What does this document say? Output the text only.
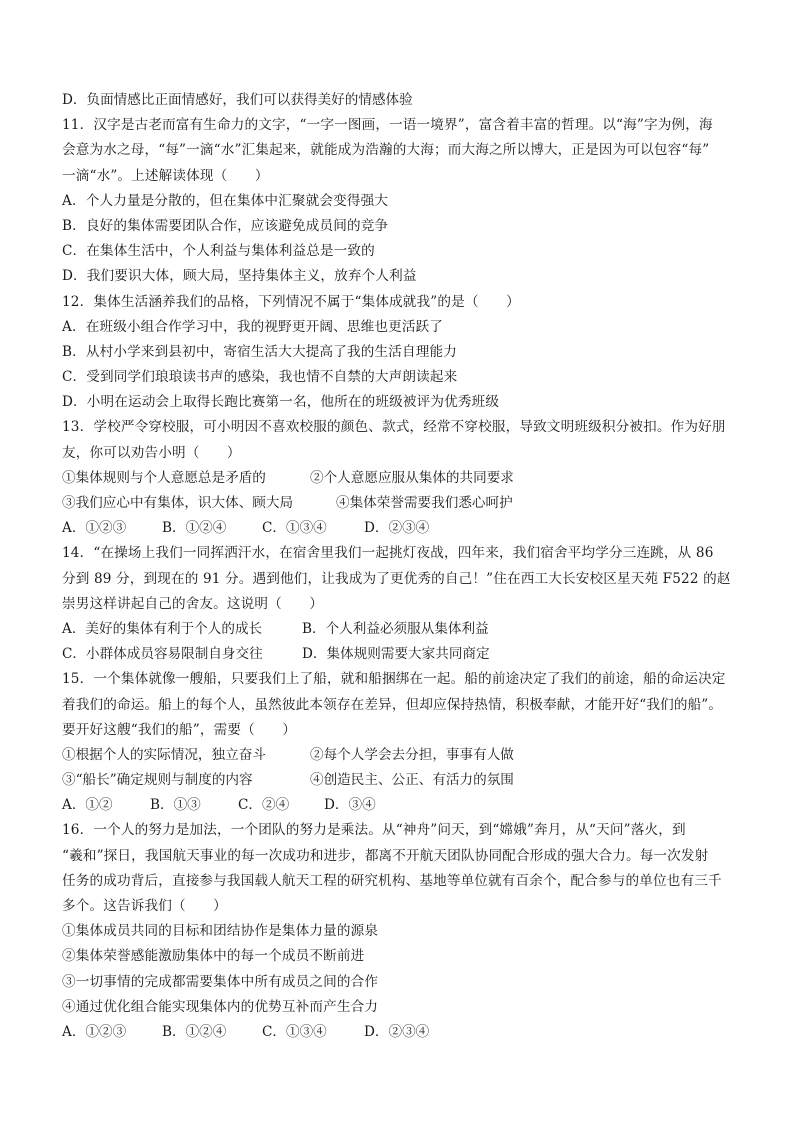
D．负面情感比正面情感好，我们可以获得美好的情感体验
11．汉字是古老而富有生命力的文字，“一字一图画，一语一境界”，富含着丰富的哲理。以“海”字为例，海
会意为水之母，“每”一滴“水”汇集起来，就能成为浩瀚的大海；而大海之所以博大，正是因为可以包容“每”
一滴“水”。上述解读体现（　　）
A．个人力量是分散的，但在集体中汇聚就会变得强大
B．良好的集体需要团队合作，应该避免成员间的竞争
C．在集体生活中，个人利益与集体利益总是一致的
D．我们要识大体，顾大局，坚持集体主义，放弃个人利益
12．集体生活涵养我们的品格，下列情况不属于“集体成就我”的是（　　）
A．在班级小组合作学习中，我的视野更开阔、思维也更活跃了
B．从村小学来到县初中，寄宿生活大大提高了我的生活自理能力
C．受到同学们琅琅读书声的感染，我也情不自禁的大声朗读起来
D．小明在运动会上取得长跑比赛第一名，他所在的班级被评为优秀班级
13．学校严令穿校服，可小明因不喜欢校服的颜色、款式，经常不穿校服，导致文明班级积分被扣。作为好朋
友，你可以劝告小明（　　）
①集体规则与个人意愿总是矛盾的	②个人意愿应服从集体的共同要求
③我们应心中有集体，识大体、顾大局	④集体荣誉需要我们悉心呵护
A．①②③	B．①②④	C．①③④	D．②③④
14．“在操场上我们一同挥洒汗水，在宿舍里我们一起挑灯夜战，四年来，我们宿舍平均学分三连跳，从 86
分到 89 分，到现在的 91 分。遇到他们，让我成为了更优秀的自己！”住在西工大长安校区星天苑 F522 的赵
崇男这样讲起自己的舍友。这说明（　　）
A．美好的集体有利于个人的成长	B．个人利益必须服从集体利益
C．小群体成员容易限制自身交往	D．集体规则需要大家共同商定
15．一个集体就像一艘船，只要我们上了船，就和船捆绑在一起。船的前途决定了我们的前途，船的命运决定
着我们的命运。船上的每个人，虽然彼此本领存在差异，但却应保持热情，积极奉献，才能开好“我们的船”。
要开好这艘“我们的船”，需要（　　）
①根据个人的实际情况，独立奋斗	②每个人学会去分担，事事有人做
③“船长”确定规则与制度的内容	④创造民主、公正、有活力的氛围
A．①②	B．①③	C．②④	D．③④
16．一个人的努力是加法，一个团队的努力是乘法。从“神舟”问天，到“嫦娥”奔月，从“天问”落火，到
“羲和”探日，我国航天事业的每一次成功和进步，都离不开航天团队协同配合形成的强大合力。每一次发射
任务的成功背后，直接参与我国载人航天工程的研究机构、基地等单位就有百余个，配合参与的单位也有三千
多个。这告诉我们（　　）
①集体成员共同的目标和团结协作是集体力量的源泉
②集体荣誉感能激励集体中的每一个成员不断前进
③一切事情的完成都需要集体中所有成员之间的合作
④通过优化组合能实现集体内的优势互补而产生合力
A．①②③	B．①②④	C．①③④	D．②③④
